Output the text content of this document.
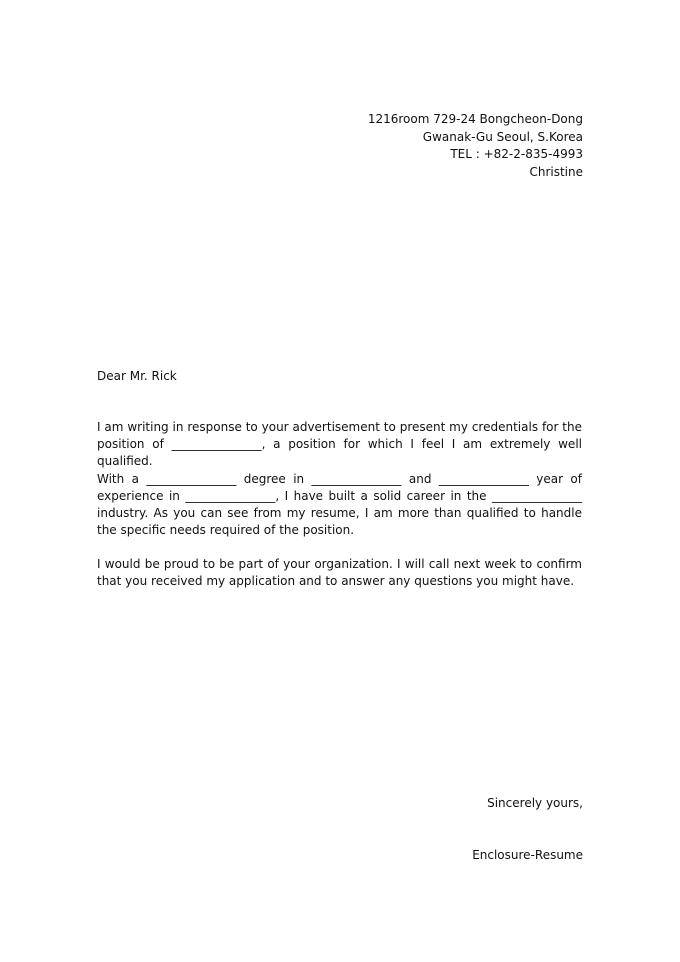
1216room 729-24 Bongcheon-Dong
Gwanak-Gu Seoul, S.Korea
TEL : +82-2-835-4993
Christine
Dear Mr. Rick
I am writing in response to your advertisement to present my credentials for the position of _______________, a position for which I feel I am extremely well qualified.
With a _______________ degree in _______________ and _______________ year of experience in _______________, I have built a solid career in the _______________ industry. As you can see from my resume, I am more than qualified to handle the specific needs required of the position.
I would be proud to be part of your organization. I will call next week to confirm that you received my application and to answer any questions you might have.
Sincerely yours,
Enclosure-Resume
